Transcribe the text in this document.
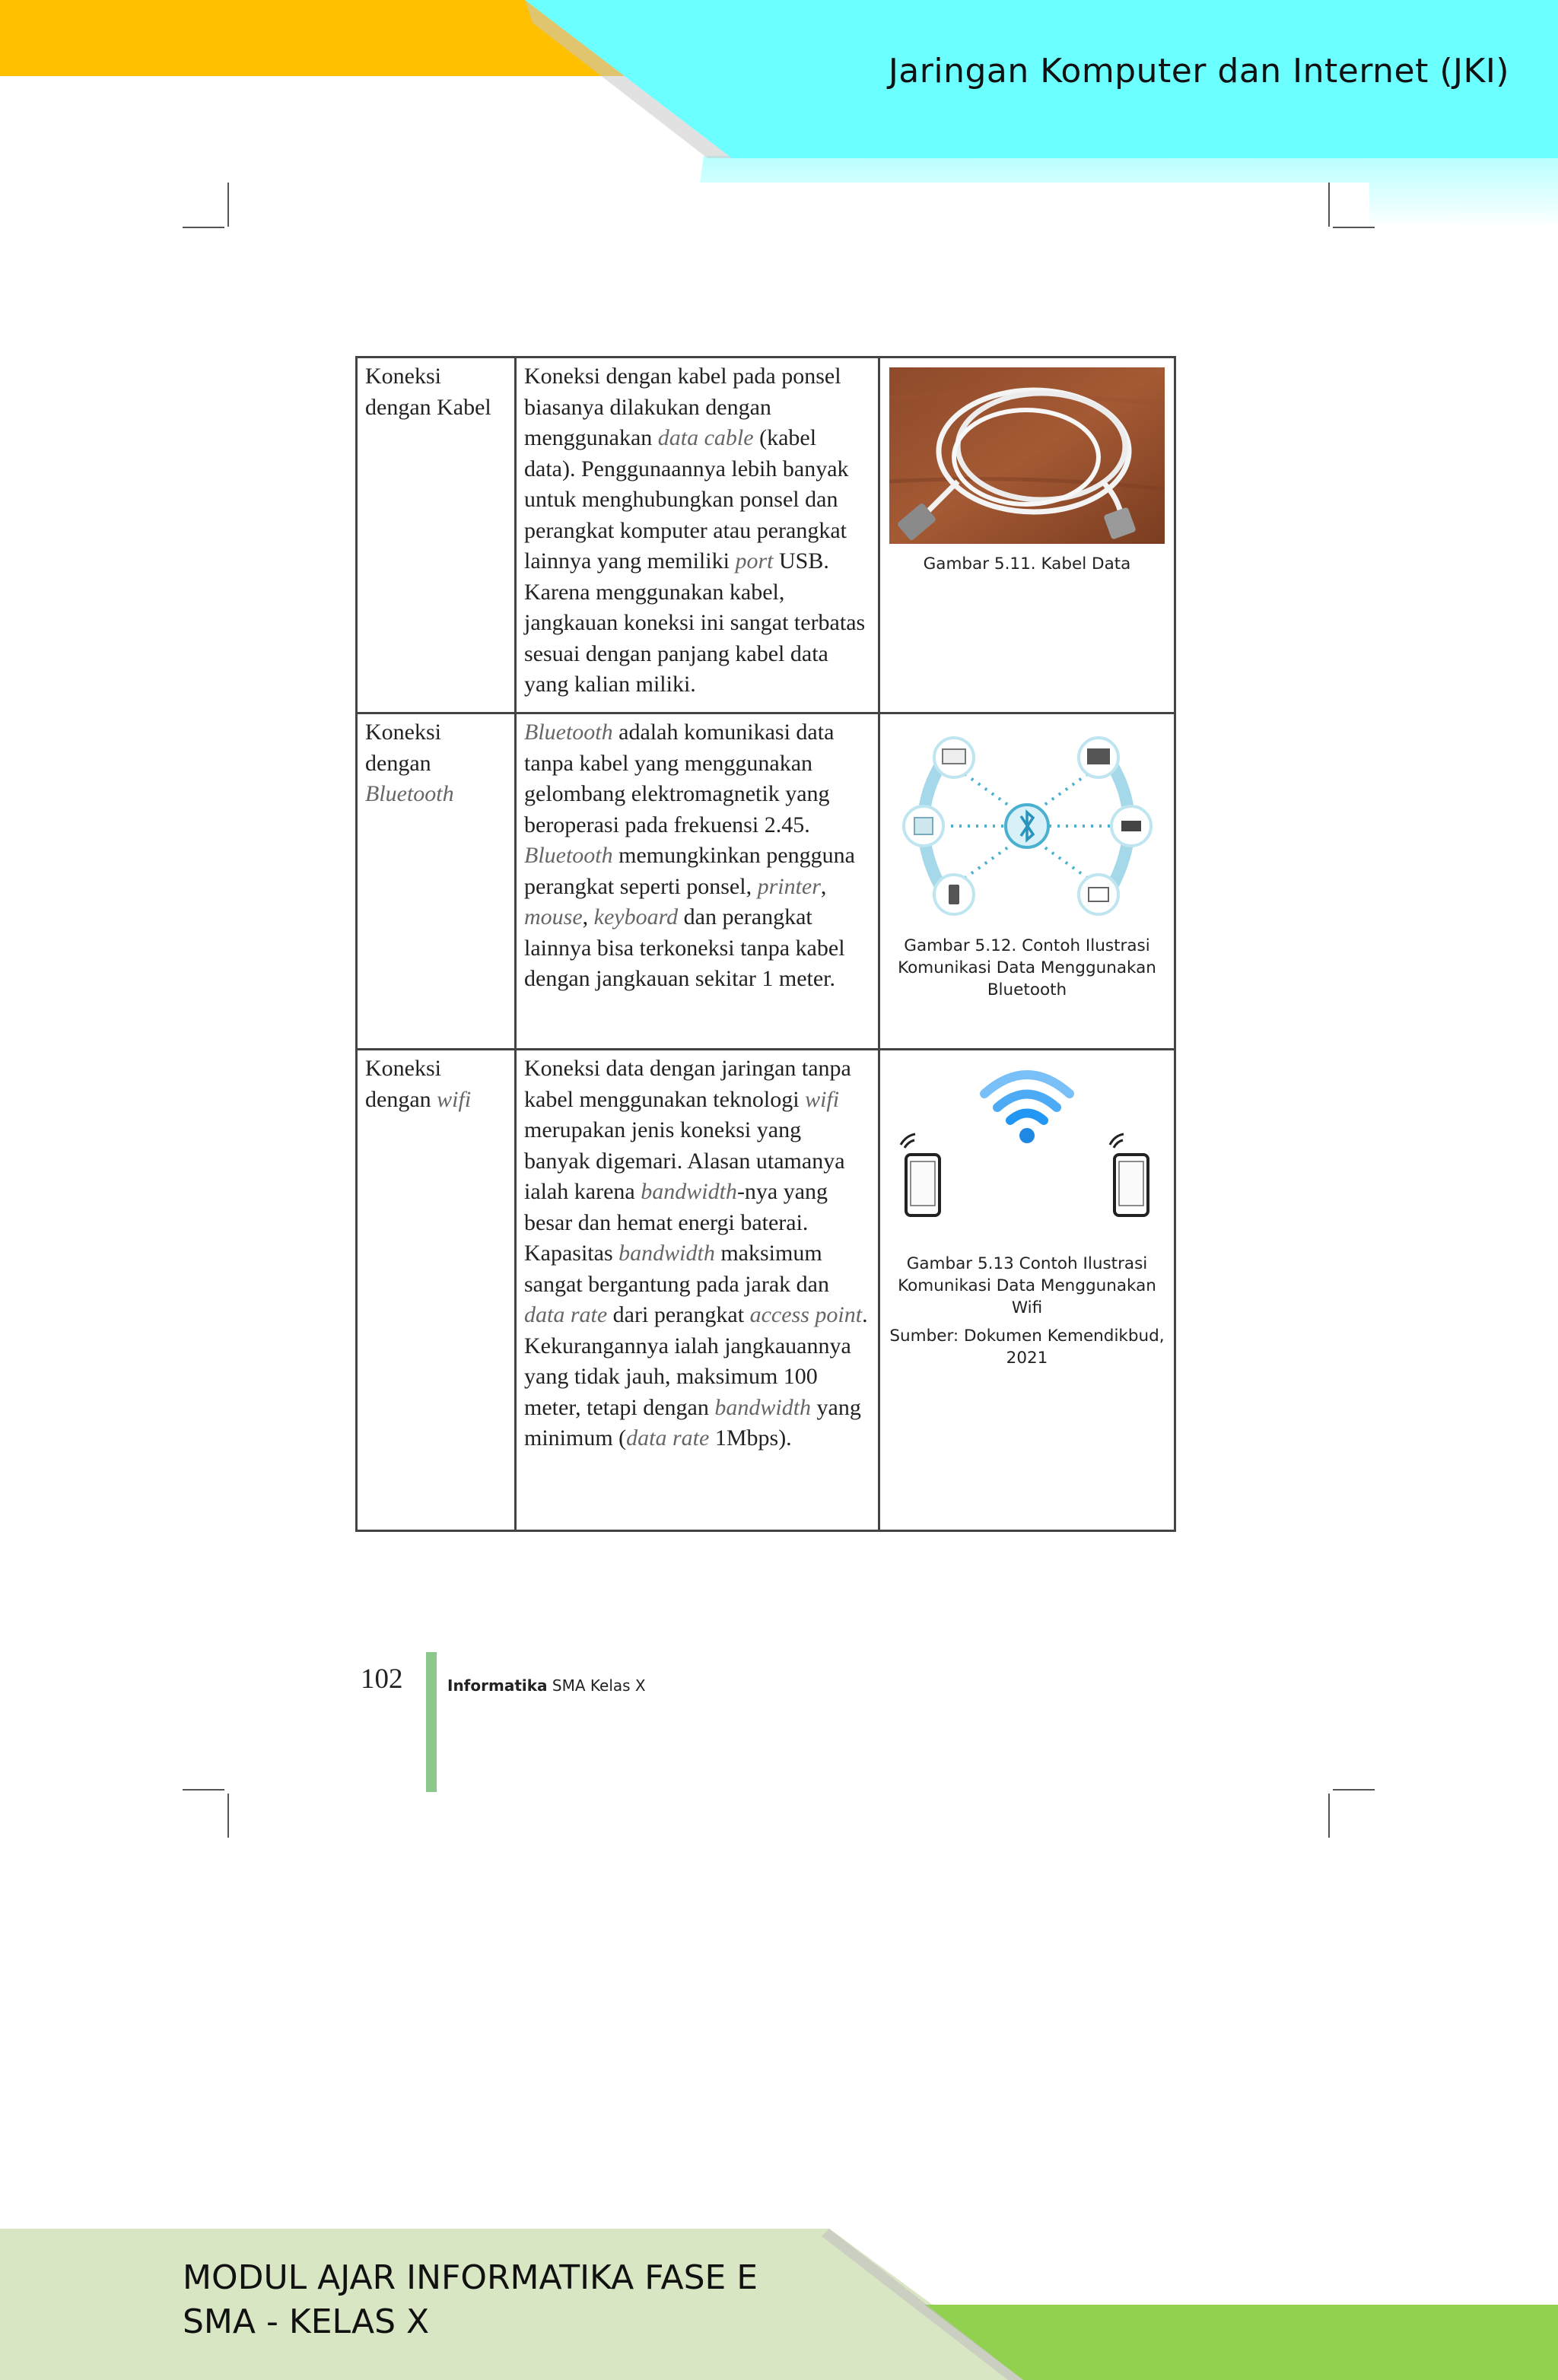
Jaringan Komputer dan Internet (JKI)
Koneksi dengan Kabel	Koneksi dengan kabel pada ponsel biasanya dilakukan dengan menggunakan data cable (kabel data). Penggunaannya lebih banyak untuk menghubungkan ponsel dan perangkat komputer atau perangkat lainnya yang memiliki port USB. Karena menggunakan kabel, jangkauan koneksi ini sangat terbatas sesuai dengan panjang kabel data yang kalian miliki.	Gambar 5.11. Kabel Data

Koneksi dengan Bluetooth	Bluetooth adalah komunikasi data tanpa kabel yang menggunakan gelombang elektromagnetik yang beroperasi pada frekuensi 2.45. Bluetooth memungkinkan pengguna perangkat seperti ponsel, printer, mouse, keyboard dan perangkat lainnya bisa terkoneksi tanpa kabel dengan jangkauan sekitar 1 meter.	Gambar 5.12. Contoh Ilustrasi Komunikasi Data Menggunakan Bluetooth

Koneksi dengan wifi	Koneksi data dengan jaringan tanpa kabel menggunakan teknologi wifi merupakan jenis koneksi yang banyak digemari. Alasan utamanya ialah karena bandwidth-nya yang besar dan hemat energi baterai. Kapasitas bandwidth maksimum sangat bergantung pada jarak dan data rate dari perangkat access point. Kekurangannya ialah jangkauannya yang tidak jauh, maksimum 100 meter, tetapi dengan bandwidth yang minimum (data rate 1Mbps).	Gambar 5.13 Contoh Ilustrasi Komunikasi Data Menggunakan Wifi
Sumber: Dokumen Kemendikbud, 2021
102	Informatika SMA Kelas X
MODUL AJAR INFORMATIKA FASE E
SMA - KELAS X
